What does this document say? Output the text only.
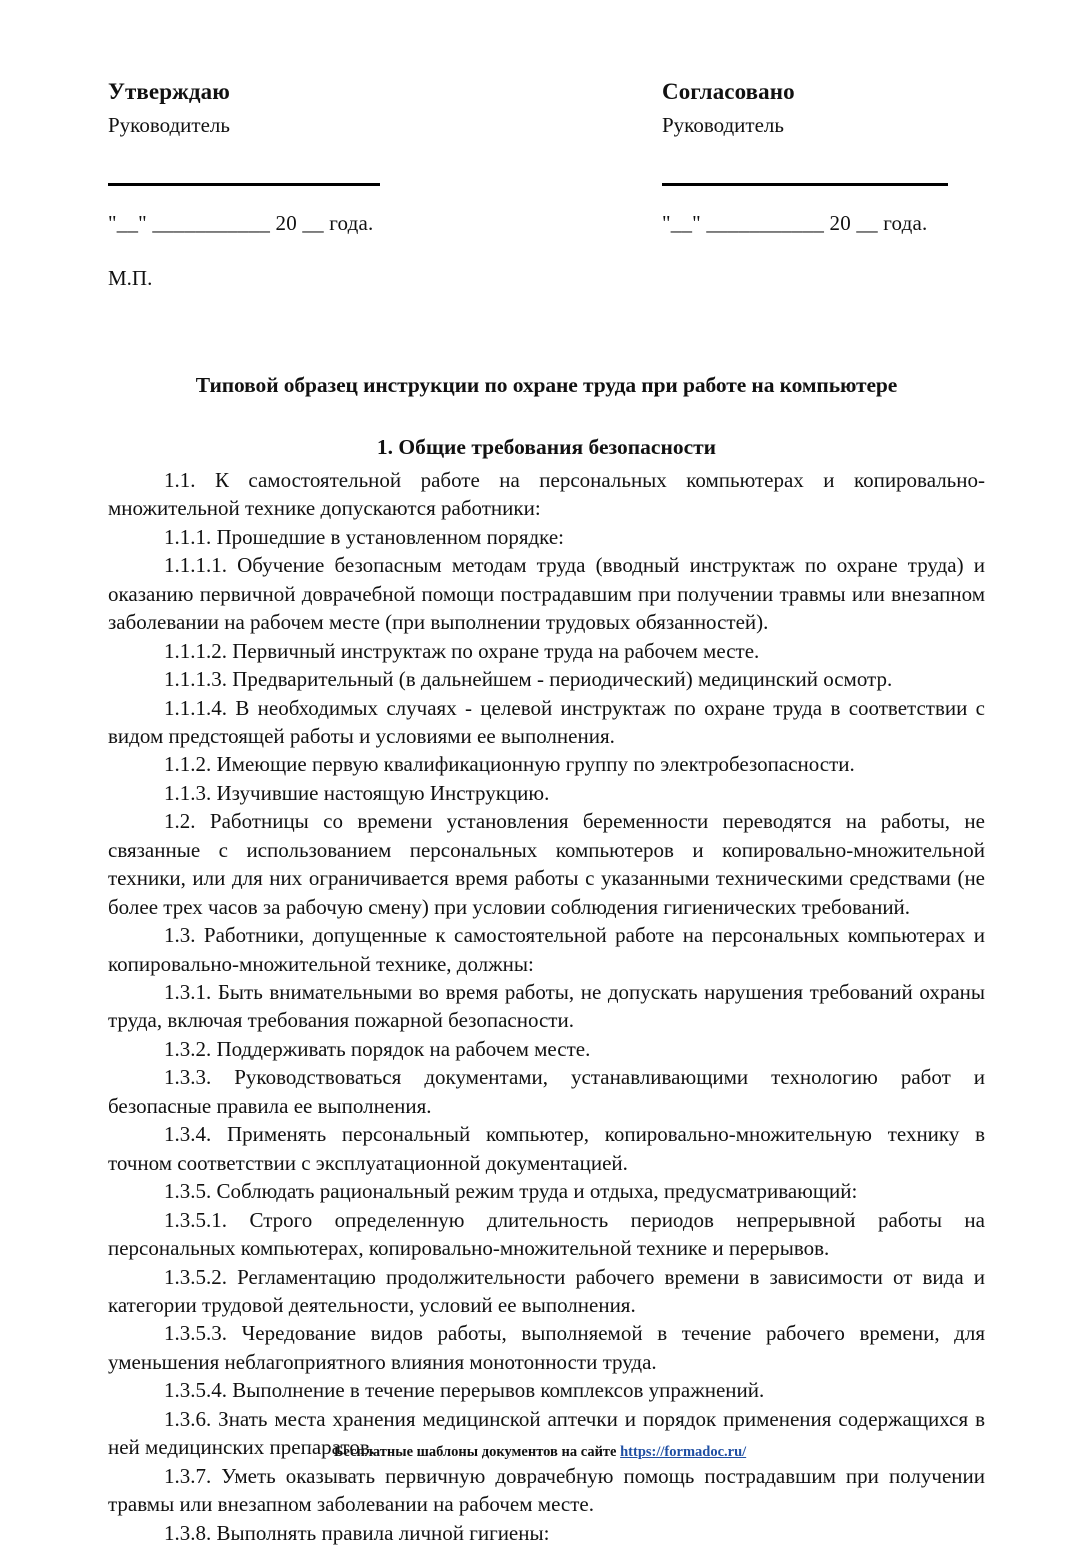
Утверждаю
Руководитель
"__" ___________ 20 __ года.
М.П.
Согласовано
Руководитель
"__" ___________ 20 __ года.
Типовой образец инструкции по охране труда при работе на компьютере
1. Общие требования безопасности

1.1. К самостоятельной работе на персональных компьютерах и копировально-множительной технике допускаются работники:

1.1.1. Прошедшие в установленном порядке:

1.1.1.1. Обучение безопасным методам труда (вводный инструктаж по охране труда) и оказанию первичной доврачебной помощи пострадавшим при получении травмы или внезапном заболевании на рабочем месте (при выполнении трудовых обязанностей).

1.1.1.2. Первичный инструктаж по охране труда на рабочем месте.

1.1.1.3. Предварительный (в дальнейшем - периодический) медицинский осмотр.

1.1.1.4. В необходимых случаях - целевой инструктаж по охране труда в соответствии с видом предстоящей работы и условиями ее выполнения.

1.1.2. Имеющие первую квалификационную группу по электробезопасности.

1.1.3. Изучившие настоящую Инструкцию.

1.2. Работницы со времени установления беременности переводятся на работы, не связанные с использованием персональных компьютеров и копировально-множительной техники, или для них ограничивается время работы с указанными техническими средствами (не более трех часов за рабочую смену) при условии соблюдения гигиенических требований.

1.3. Работники, допущенные к самостоятельной работе на персональных компьютерах и копировально-множительной технике, должны:

1.3.1. Быть внимательными во время работы, не допускать нарушения требований охраны труда, включая требования пожарной безопасности.

1.3.2. Поддерживать порядок на рабочем месте.

1.3.3. Руководствоваться документами, устанавливающими технологию работ и безопасные правила ее выполнения.

1.3.4. Применять персональный компьютер, копировально-множительную технику в точном соответствии с эксплуатационной документацией.

1.3.5. Соблюдать рациональный режим труда и отдыха, предусматривающий:

1.3.5.1. Строго определенную длительность периодов непрерывной работы на персональных компьютерах, копировально-множительной технике и перерывов.

1.3.5.2. Регламентацию продолжительности рабочего времени в зависимости от вида и категории трудовой деятельности, условий ее выполнения.

1.3.5.3. Чередование видов работы, выполняемой в течение рабочего времени, для уменьшения неблагоприятного влияния монотонности труда.

1.3.5.4. Выполнение в течение перерывов комплексов упражнений.

1.3.6. Знать места хранения медицинской аптечки и порядок применения содержащихся в ней медицинских препаратов.

1.3.7. Уметь оказывать первичную доврачебную помощь пострадавшим при получении травмы или внезапном заболевании на рабочем месте.

1.3.8. Выполнять правила личной гигиены:

Бесплатные шаблоны документов на сайте https://formadoc.ru/
